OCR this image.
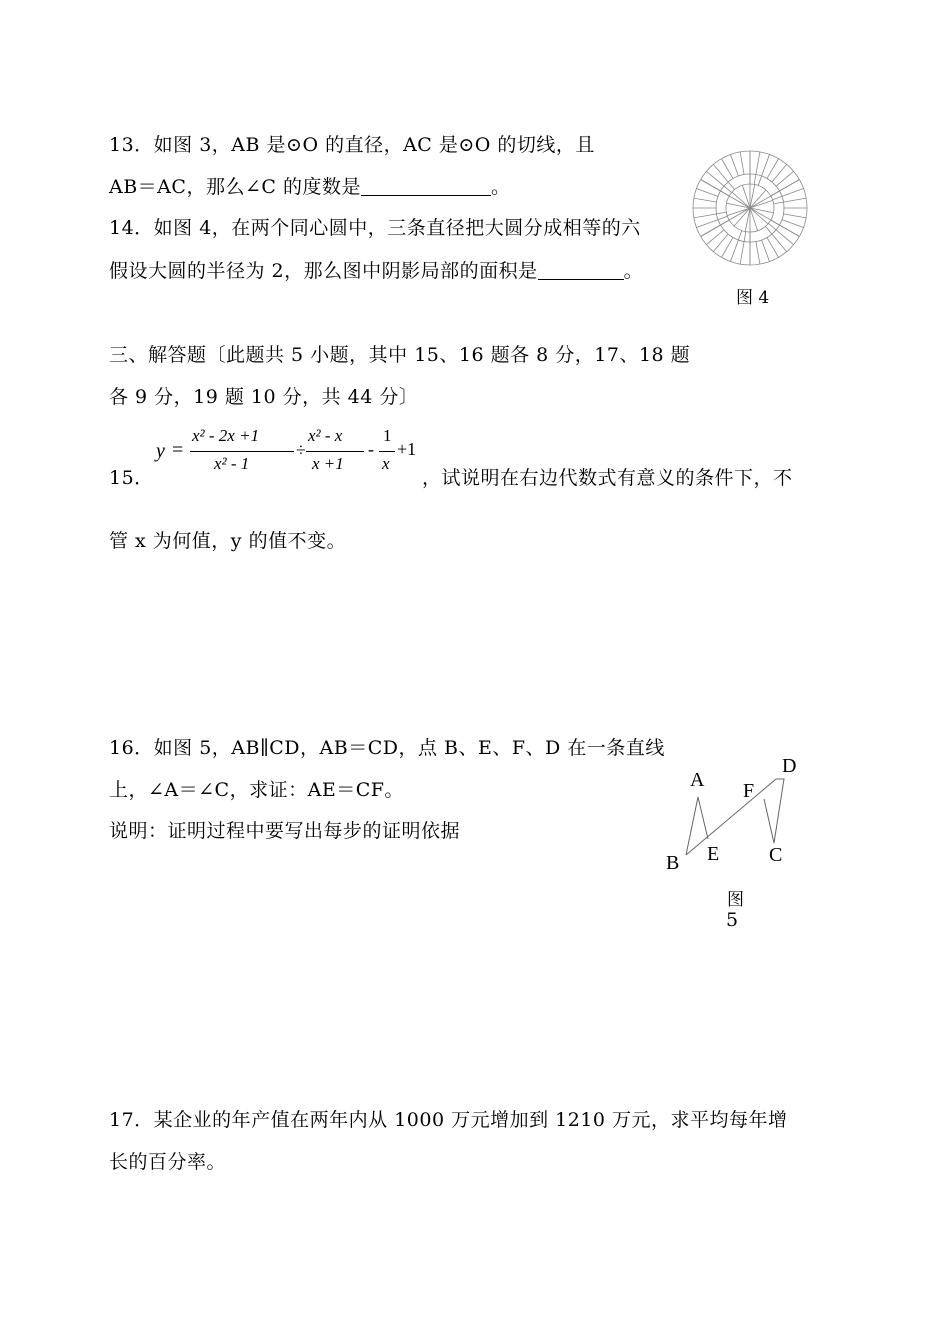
13．如图 3，AB 是⊙O 的直径，AC 是⊙O 的切线，且
AB＝AC，那么∠C 的度数是	。
14．如图 4，在两个同心圆中，三条直径把大圆分成相等的六
假设大圆的半径为 2，那么图中阴影局部的面积是	。
图 4
三、解答题〔此题共 5 小题，其中 15、16 题各 8 分，17、18 题
各 9 分，19 题 10 分，共 44 分〕
15．
y =
x² - 2x +1
x² - 1
÷
x² - x
x +1
-
1
x
+1
，试说明在右边代数式有意义的条件下，不
管 x 为何值，y 的值不变。
16．如图 5，AB∥CD，AB＝CD，点 B、E、F、D 在一条直线
上，∠A＝∠C，求证：AE＝CF。
说明：证明过程中要写出每步的证明依据
A
B	C
D
E
F
图
5
17．某企业的年产值在两年内从 1000 万元增加到 1210 万元，求平均每年增
长的百分率。
